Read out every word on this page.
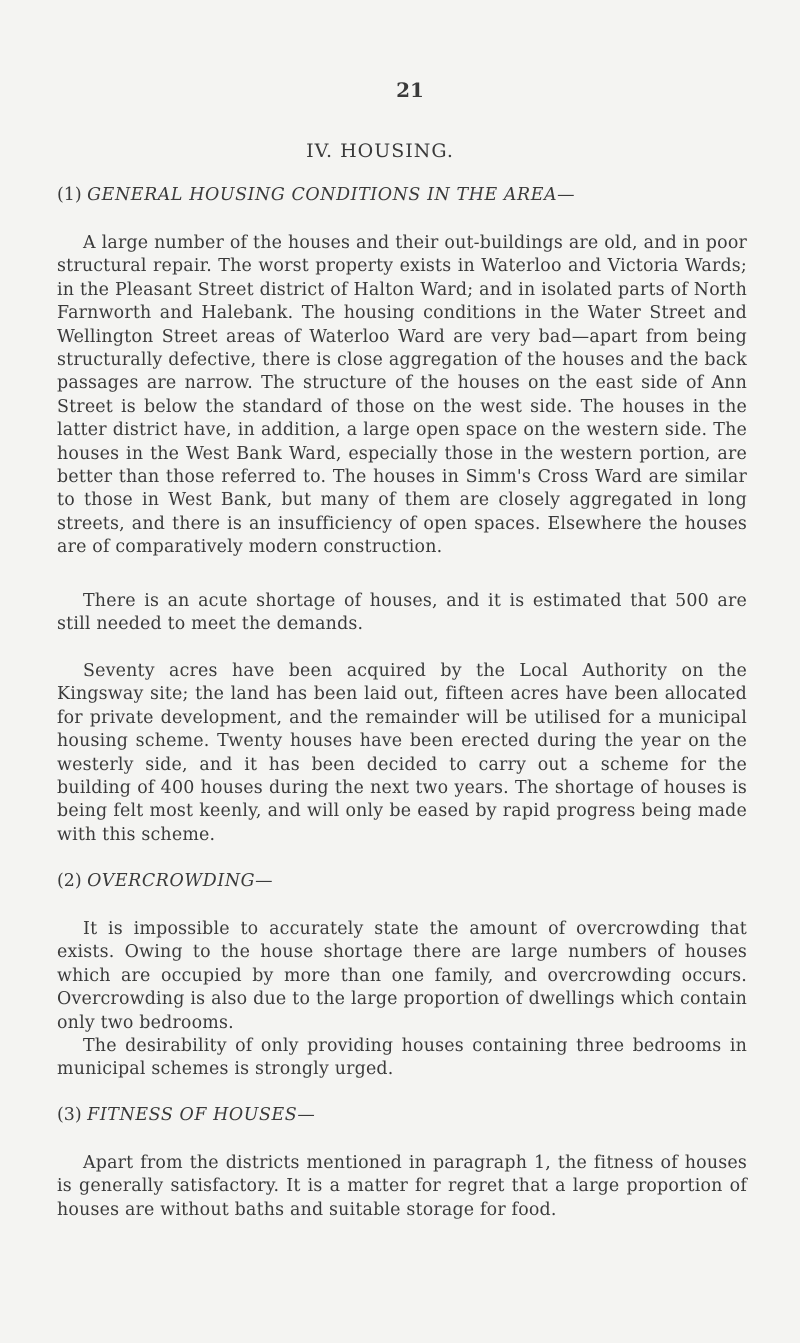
21
IV. HOUSING.
(1) GENERAL HOUSING CONDITIONS IN THE AREA—

A large number of the houses and their out-buildings are old, and in poor structural repair. The worst property exists in Waterloo and Victoria Wards; in the Pleasant Street district of Halton Ward; and in isolated parts of North Farnworth and Halebank. The housing conditions in the Water Street and Wellington Street areas of Waterloo Ward are very bad—apart from being structurally defective, there is close aggregation of the houses and the back passages are narrow. The structure of the houses on the east side of Ann Street is below the standard of those on the west side. The houses in the latter district have, in addition, a large open space on the western side. The houses in the West Bank Ward, especially those in the western portion, are better than those referred to. The houses in Simm's Cross Ward are similar to those in West Bank, but many of them are closely aggregated in long streets, and there is an insufficiency of open spaces. Elsewhere the houses are of comparatively modern construction.

There is an acute shortage of houses, and it is estimated that 500 are still needed to meet the demands.

Seventy acres have been acquired by the Local Authority on the Kingsway site; the land has been laid out, fifteen acres have been allocated for private development, and the remainder will be utilised for a municipal housing scheme. Twenty houses have been erected during the year on the westerly side, and it has been decided to carry out a scheme for the building of 400 houses during the next two years. The shortage of houses is being felt most keenly, and will only be eased by rapid progress being made with this scheme.

(2) OVERCROWDING—

It is impossible to accurately state the amount of overcrowding that exists. Owing to the house shortage there are large numbers of houses which are occupied by more than one family, and overcrowding occurs. Overcrowding is also due to the large proportion of dwellings which contain only two bedrooms.

The desirability of only providing houses containing three bedrooms in municipal schemes is strongly urged.

(3) FITNESS OF HOUSES—

Apart from the districts mentioned in paragraph 1, the fitness of houses is generally satisfactory. It is a matter for regret that a large proportion of houses are without baths and suitable storage for food.
